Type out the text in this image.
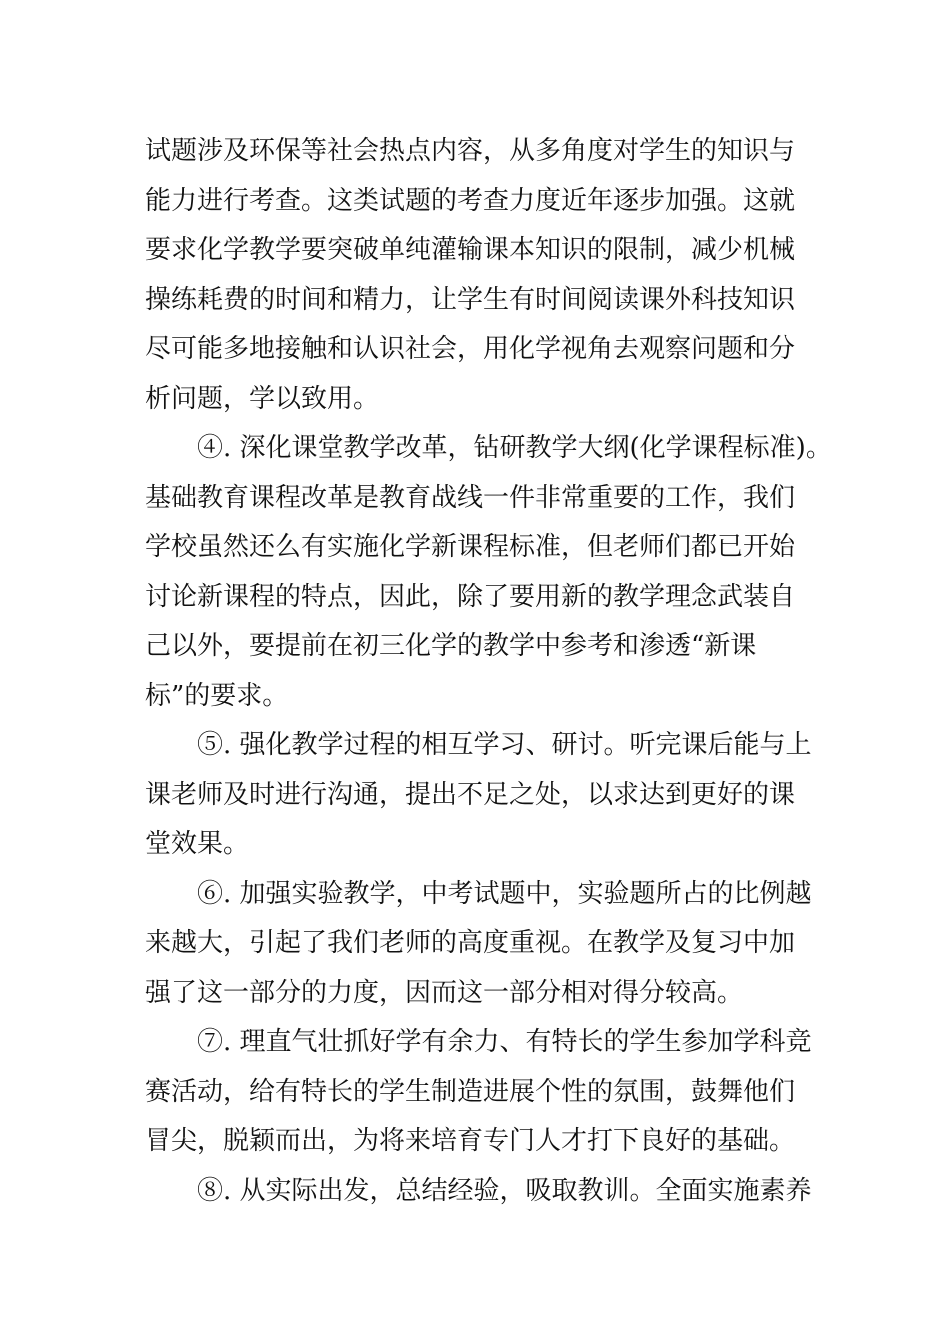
试题涉及环保等社会热点内容，从多角度对学生的知识与
能力进行考查。这类试题的考查力度近年逐步加强。这就
要求化学教学要突破单纯灌输课本知识的限制，减少机械
操练耗费的时间和精力，让学生有时间阅读课外科技知识
尽可能多地接触和认识社会，用化学视角去观察问题和分
析问题，学以致用。
④. 深化课堂教学改革，钻研教学大纲(化学课程标准)。
基础教育课程改革是教育战线一件非常重要的工作，我们
学校虽然还么有实施化学新课程标准，但老师们都已开始
讨论新课程的特点，因此，除了要用新的教学理念武装自
己以外，要提前在初三化学的教学中参考和渗透“新课
标”的要求。
⑤. 强化教学过程的相互学习、研讨。听完课后能与上
课老师及时进行沟通，提出不足之处，以求达到更好的课
堂效果。
⑥. 加强实验教学，中考试题中，实验题所占的比例越
来越大，引起了我们老师的高度重视。在教学及复习中加
强了这一部分的力度，因而这一部分相对得分较高。
⑦. 理直气壮抓好学有余力、有特长的学生参加学科竞
赛活动，给有特长的学生制造进展个性的氛围，鼓舞他们
冒尖，脱颖而出，为将来培育专门人才打下良好的基础。
⑧. 从实际出发，总结经验，吸取教训。全面实施素养
